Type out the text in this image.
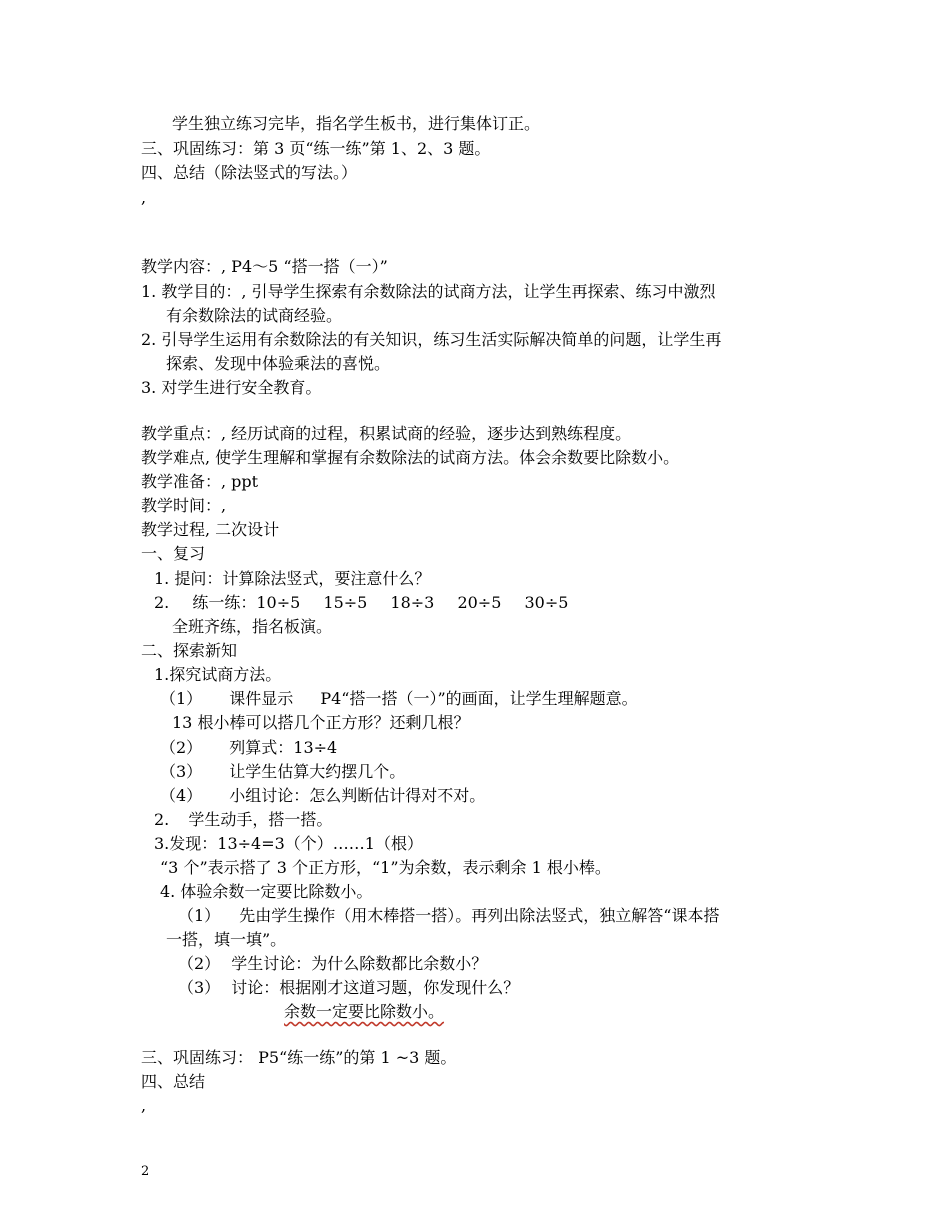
学生独立练习完毕，指名学生板书，进行集体订正。
三、巩固练习：第 3 页“练一练”第 1、2、3 题。
四、总结（除法竖式的写法。）
,
教学内容：, P4～5 “搭一搭（一）”
1. 教学目的：, 引导学生探索有余数除法的试商方法，让学生再探索、练习中激烈
有余数除法的试商经验。
2. 引导学生运用有余数除法的有关知识，练习生活实际解决简单的问题，让学生再
探索、发现中体验乘法的喜悦。
3. 对学生进行安全教育。
教学重点：, 经历试商的过程，积累试商的经验，逐步达到熟练程度。
教学难点, 使学生理解和掌握有余数除法的试商方法。体会余数要比除数小。
教学准备：, ppt
教学时间：,
教学过程, 二次设计
一、复习
1. 提问：计算除法竖式，要注意什么？
2. 练一练：10÷5 15÷5 18÷3 20÷5 30÷5
全班齐练，指名板演。
二、探索新知
1.探究试商方法。
（1） 课件显示 P4“搭一搭（一）”的画面，让学生理解题意。
13 根小棒可以搭几个正方形？还剩几根？
（2） 列算式：13÷4
（3） 让学生估算大约摆几个。
（4） 小组讨论：怎么判断估计得对不对。
2. 学生动手，搭一搭。
3.发现：13÷4=3（个）……1（根）
“3 个”表示搭了 3 个正方形，“1”为余数，表示剩余 1 根小棒。
4. 体验余数一定要比除数小。
（1） 先由学生操作（用木棒搭一搭）。再列出除法竖式，独立解答“课本搭
一搭，填一填”。
（2） 学生讨论：为什么除数都比余数小？
（3） 讨论：根据刚才这道习题，你发现什么？
余数一定要比除数小。
三、巩固练习： P5“练一练”的第 1 ~3 题。
四、总结
,
2
